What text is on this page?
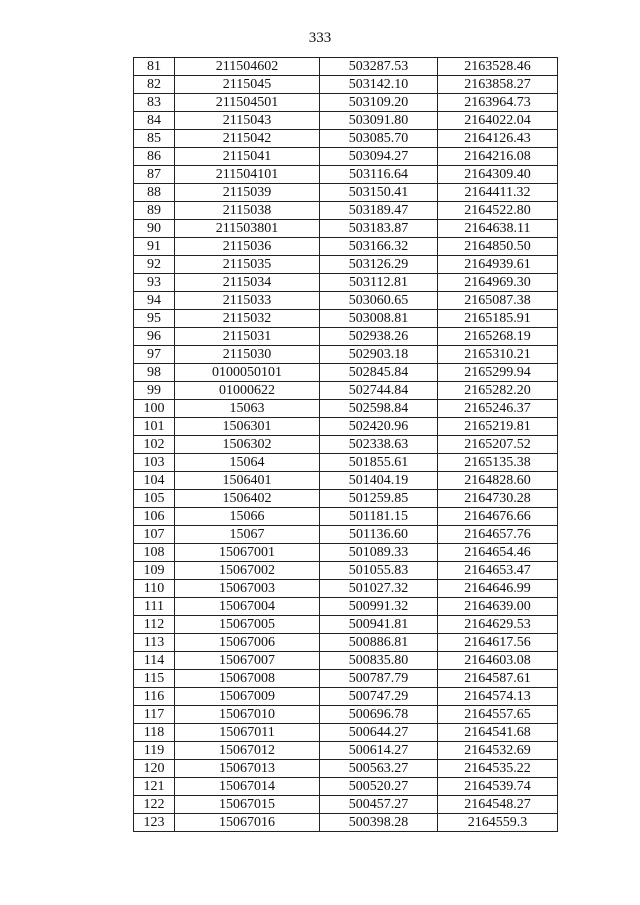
333
81	211504602	503287.53	2163528.46
82	2115045	503142.10	2163858.27
83	211504501	503109.20	2163964.73
84	2115043	503091.80	2164022.04
85	2115042	503085.70	2164126.43
86	2115041	503094.27	2164216.08
87	211504101	503116.64	2164309.40
88	2115039	503150.41	2164411.32
89	2115038	503189.47	2164522.80
90	211503801	503183.87	2164638.11
91	2115036	503166.32	2164850.50
92	2115035	503126.29	2164939.61
93	2115034	503112.81	2164969.30
94	2115033	503060.65	2165087.38
95	2115032	503008.81	2165185.91
96	2115031	502938.26	2165268.19
97	2115030	502903.18	2165310.21
98	0100050101	502845.84	2165299.94
99	01000622	502744.84	2165282.20
100	15063	502598.84	2165246.37
101	1506301	502420.96	2165219.81
102	1506302	502338.63	2165207.52
103	15064	501855.61	2165135.38
104	1506401	501404.19	2164828.60
105	1506402	501259.85	2164730.28
106	15066	501181.15	2164676.66
107	15067	501136.60	2164657.76
108	15067001	501089.33	2164654.46
109	15067002	501055.83	2164653.47
110	15067003	501027.32	2164646.99
111	15067004	500991.32	2164639.00
112	15067005	500941.81	2164629.53
113	15067006	500886.81	2164617.56
114	15067007	500835.80	2164603.08
115	15067008	500787.79	2164587.61
116	15067009	500747.29	2164574.13
117	15067010	500696.78	2164557.65
118	15067011	500644.27	2164541.68
119	15067012	500614.27	2164532.69
120	15067013	500563.27	2164535.22
121	15067014	500520.27	2164539.74
122	15067015	500457.27	2164548.27
123	15067016	500398.28	2164559.3
